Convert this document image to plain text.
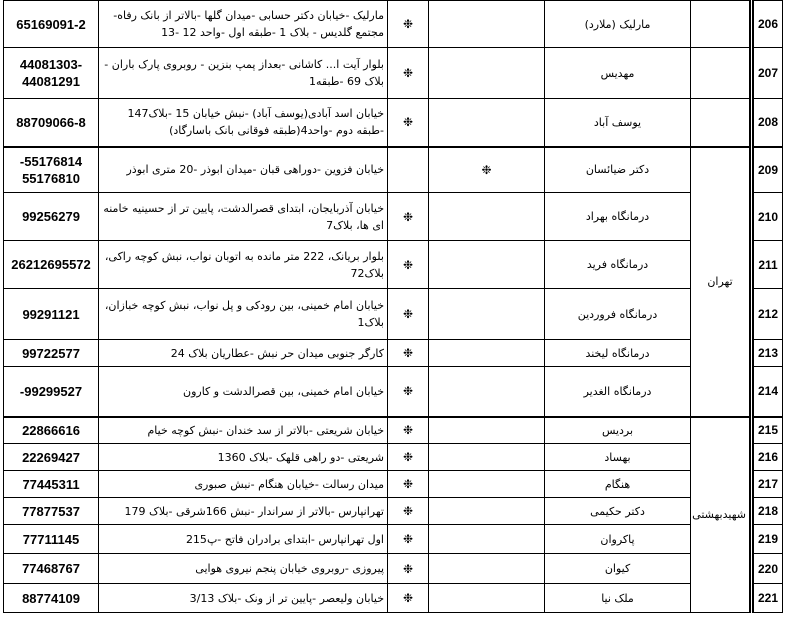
65169091-2	مارلیک -خیابان دکتر حسابی -میدان گلها -بالاتر از بانک رفاه-مجتمع گلدیس - بلاک 1 -طبقه اول -واحد 12 -13	❉		مارلیک (ملارد)		206
44081303-44081291	بلوار آیت ا... کاشانی -بعداز پمپ بنزین - روبروی پارک باران - بلاک 69 -طبقه1	❉		مهدیس		207
88709066-8	خیابان اسد آبادی(یوسف آباد) -نبش خیابان 15 -بلاک147 -طبقه دوم -واحد4(طبقه فوقانی بانک باسارگاد)	❉		یوسف آباد		208
-55176814 55176810	خیابان فزوین -دوراهی قبان -میدان ابوذر -20 متری ابوذر		❉	دکتر ضیائسان	تهران	209
99256279	خیابان آذربایجان، ابتدای قصرالدشت، پایین تر از حسینیه خامنه ای ها، بلاک7	❉		درمانگاه بهراد		210
26212695572	بلوار بریانک، 222 متر مانده به اتوبان نواب، نبش کوچه راکی، بلاک72	❉		درمانگاه فرید		211
99291121	خیابان امام خمینی، بین رودکی و پل نواب، نبش کوچه خبازان، بلاک1	❉		درمانگاه فروردین		212
99722577	کارگر جنوبی میدان حر نبش -عطاریان بلاک 24	❉		درمانگاه لیخند		213
-99299527	خیابان امام خمینی، بین قصرالدشت و کارون	❉		درمانگاه الغدیر		214
22866616	خیابان شریعتی -بالاتر از سد خندان -نبش کوچه خیام	❉		بردیس	شهیدبهشتی	215
22269427	شریعتی -دو راهی قلهک -بلاک 1360	❉		بهساد		216
77445311	میدان رسالت -خیابان هنگام -نبش صبوری	❉		هنگام		217
77877537	تهرانپارس -بالاتر از سراندار -نبش 166شرقی -بلاک 179	❉		دکتر حکیمی		218
77711145	اول تهرانپارس -ابتدای برادران فاتح -پ215	❉		پاکروان		219
77468767	پیروزی -روبروی خیابان پنجم نیروی هوایی	❉		کیوان		220
88774109	خیابان ولیعصر -پایین تر از ونک -بلاک 3/13	❉		ملک نیا		221
